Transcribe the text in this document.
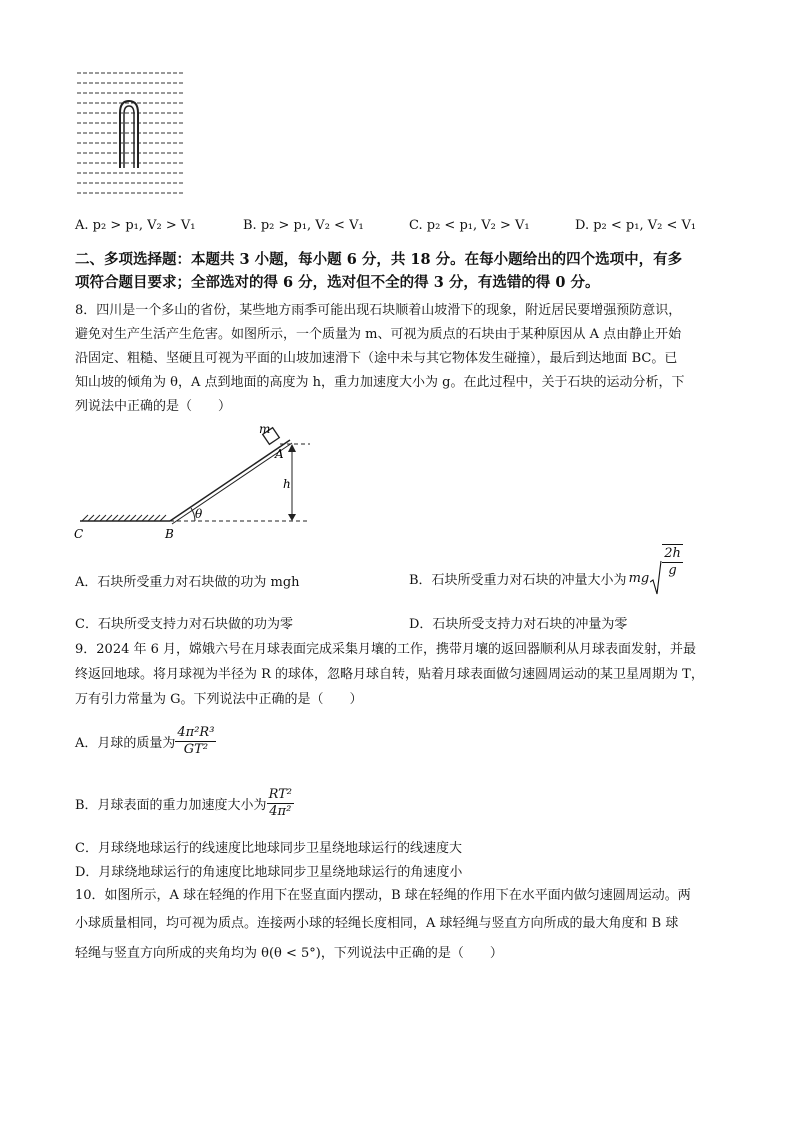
A. p₂ > p₁, V₂ > V₁	B. p₂ > p₁, V₂ < V₁	C. p₂ < p₁, V₂ > V₁	D. p₂ < p₁, V₂ < V₁
二、多项选择题：本题共 3 小题，每小题 6 分，共 18 分。在每小题给出的四个选项中，有多
项符合题目要求；全部选对的得 6 分，选对但不全的得 3 分，有选错的得 0 分。
8．四川是一个多山的省份，某些地方雨季可能出现石块顺着山坡滑下的现象，附近居民要增强预防意识，
避免对生产生活产生危害。如图所示，一个质量为 m、可视为质点的石块由于某种原因从 A 点由静止开始
沿固定、粗糙、坚硬且可视为平面的山坡加速滑下（途中未与其它物体发生碰撞），最后到达地面 BC。已
知山坡的倾角为 θ，A 点到地面的高度为 h，重力加速度大小为 g。在此过程中，关于石块的运动分析，下
列说法中正确的是（　　）
m
A
h
θ
C	B
A．石块所受重力对石块做的功为 mgh	B．石块所受重力对石块的冲量大小为 mg $\frac{2h}{g}$
C．石块所受支持力对石块做的功为零	D．石块所受支持力对石块的冲量为零
9．2024 年 6 月，嫦娥六号在月球表面完成采集月壤的工作，携带月壤的返回器顺利从月球表面发射，并最
终返回地球。将月球视为半径为 R 的球体，忽略月球自转，贴着月球表面做匀速圆周运动的某卫星周期为 T，
万有引力常量为 G。下列说法中正确的是（　　）
A．月球的质量为 $\frac{\text{4π²R³}}{\text{GT²}}$
B．月球表面的重力加速度大小为 $\frac{\text{RT²}}{\text{4π²}}$
C．月球绕地球运行的线速度比地球同步卫星绕地球运行的线速度大
D．月球绕地球运行的角速度比地球同步卫星绕地球运行的角速度小
10．如图所示，A 球在轻绳的作用下在竖直面内摆动，B 球在轻绳的作用下在水平面内做匀速圆周运动。两
小球质量相同，均可视为质点。连接两小球的轻绳长度相同，A 球轻绳与竖直方向所成的最大角度和 B 球
轻绳与竖直方向所成的夹角均为 θ(θ < 5°)，下列说法中正确的是（　　）
